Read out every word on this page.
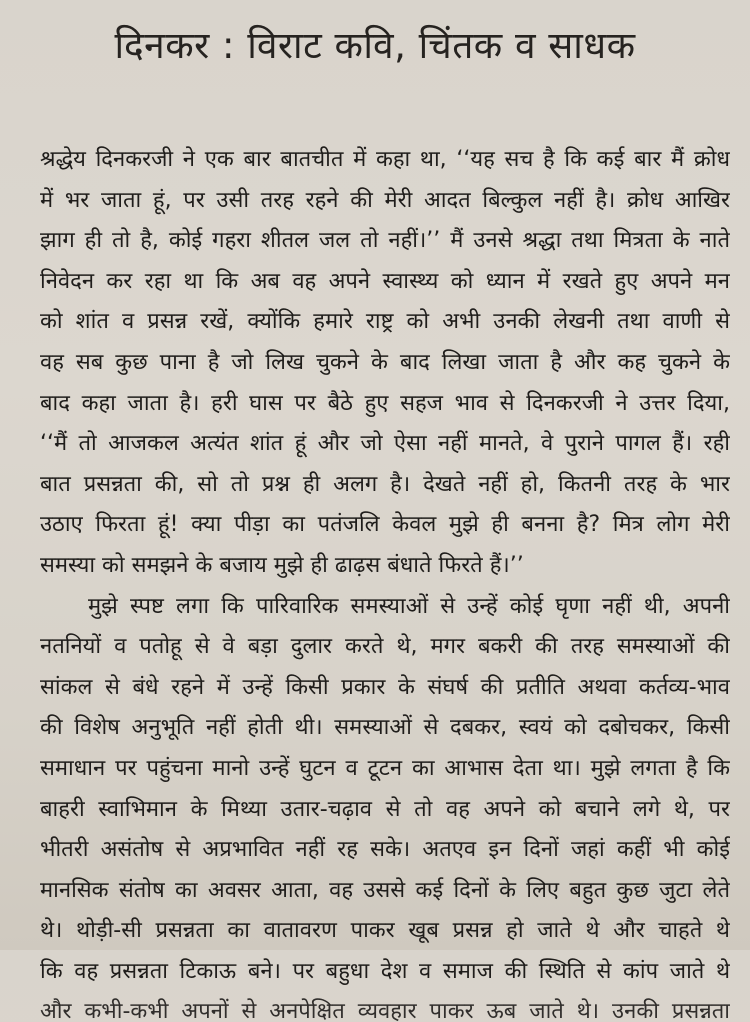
दिनकर : विराट कवि, चिंतक व साधक

श्रद्धेय दिनकरजी ने एक बार बातचीत में कहा था, ‘‘यह सच है कि कई बार मैं क्रोध
में भर जाता हूं, पर उसी तरह रहने की मेरी आदत बिल्कुल नहीं है। क्रोध आखिर
झाग ही तो है, कोई गहरा शीतल जल तो नहीं।’’ मैं उनसे श्रद्धा तथा मित्रता के नाते
निवेदन कर रहा था कि अब वह अपने स्वास्थ्य को ध्यान में रखते हुए अपने मन
को शांत व प्रसन्न रखें, क्योंकि हमारे राष्ट्र को अभी उनकी लेखनी तथा वाणी से
वह सब कुछ पाना है जो लिख चुकने के बाद लिखा जाता है और कह चुकने के
बाद कहा जाता है। हरी घास पर बैठे हुए सहज भाव से दिनकरजी ने उत्तर दिया,
‘‘मैं तो आजकल अत्यंत शांत हूं और जो ऐसा नहीं मानते, वे पुराने पागल हैं। रही
बात प्रसन्नता की, सो तो प्रश्न ही अलग है। देखते नहीं हो, कितनी तरह के भार
उठाए फिरता हूं! क्या पीड़ा का पतंजलि केवल मुझे ही बनना है? मित्र लोग मेरी
समस्या को समझने के बजाय मुझे ही ढाढ़स बंधाते फिरते हैं।’’

मुझे स्पष्ट लगा कि पारिवारिक समस्याओं से उन्हें कोई घृणा नहीं थी, अपनी
नतनियों व पतोहू से वे बड़ा दुलार करते थे, मगर बकरी की तरह समस्याओं की
सांकल से बंधे रहने में उन्हें किसी प्रकार के संघर्ष की प्रतीति अथवा कर्तव्य-भाव
की विशेष अनुभूति नहीं होती थी। समस्याओं से दबकर, स्वयं को दबोचकर, किसी
समाधान पर पहुंचना मानो उन्हें घुटन व टूटन का आभास देता था। मुझे लगता है कि
बाहरी स्वाभिमान के मिथ्या उतार-चढ़ाव से तो वह अपने को बचाने लगे थे, पर
भीतरी असंतोष से अप्रभावित नहीं रह सके। अतएव इन दिनों जहां कहीं भी कोई
मानसिक संतोष का अवसर आता, वह उससे कई दिनों के लिए बहुत कुछ जुटा लेते
थे। थोड़ी-सी प्रसन्नता का वातावरण पाकर खूब प्रसन्न हो जाते थे और चाहते थे
कि वह प्रसन्नता टिकाऊ बने। पर बहुधा देश व समाज की स्थिति से कांप जाते थे
और कभी-कभी अपनों से अनपेक्षित व्यवहार पाकर ऊब जाते थे। उनकी प्रसन्नता
